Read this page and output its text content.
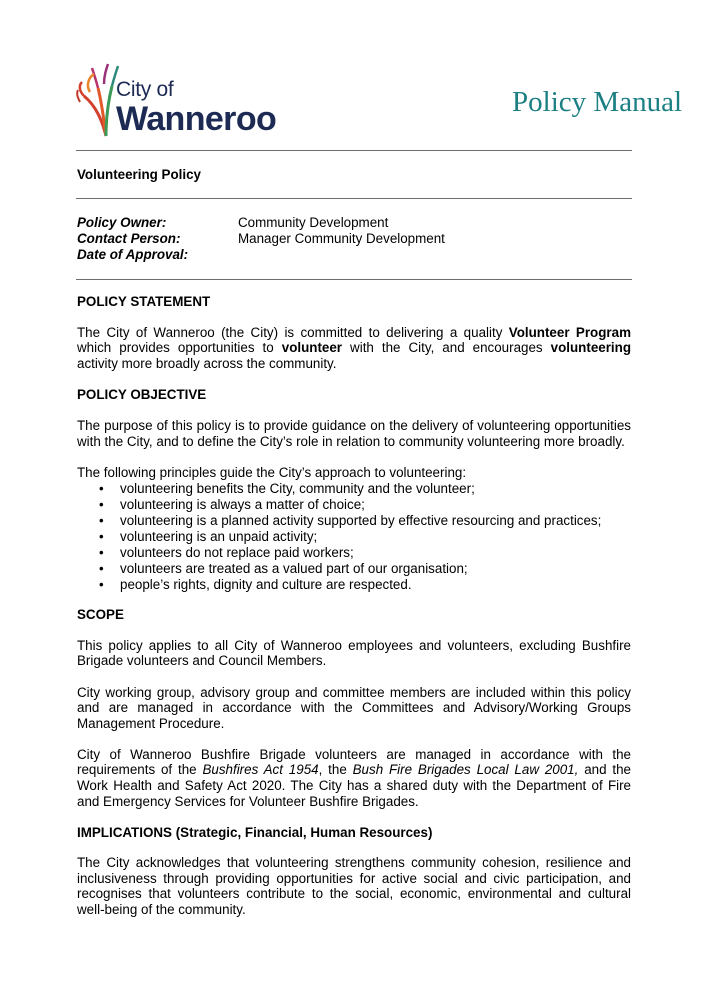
City of
Wanneroo	Policy Manual
Volunteering Policy
Policy Owner:	Community Development
Contact Person:	Manager Community Development
Date of Approval:
POLICY STATEMENT

The City of Wanneroo (the City) is committed to delivering a quality Volunteer Program which provides opportunities to volunteer with the City, and encourages volunteering activity more broadly across the community.

POLICY OBJECTIVE

The purpose of this policy is to provide guidance on the delivery of volunteering opportunities with the City, and to define the City’s role in relation to community volunteering more broadly.

The following principles guide the City’s approach to volunteering:

• volunteering benefits the City, community and the volunteer;
• volunteering is always a matter of choice;
• volunteering is a planned activity supported by effective resourcing and practices;
• volunteering is an unpaid activity;
• volunteers do not replace paid workers;
• volunteers are treated as a valued part of our organisation;
• people’s rights, dignity and culture are respected.
SCOPE

This policy applies to all City of Wanneroo employees and volunteers, excluding Bushfire Brigade volunteers and Council Members.

City working group, advisory group and committee members are included within this policy and are managed in accordance with the Committees and Advisory/Working Groups Management Procedure.

City of Wanneroo Bushfire Brigade volunteers are managed in accordance with the requirements of the Bushfires Act 1954, the Bush Fire Brigades Local Law 2001, and the Work Health and Safety Act 2020. The City has a shared duty with the Department of Fire and Emergency Services for Volunteer Bushfire Brigades.

IMPLICATIONS (Strategic, Financial, Human Resources)

The City acknowledges that volunteering strengthens community cohesion, resilience and inclusiveness through providing opportunities for active social and civic participation, and recognises that volunteers contribute to the social, economic, environmental and cultural well-being of the community.
